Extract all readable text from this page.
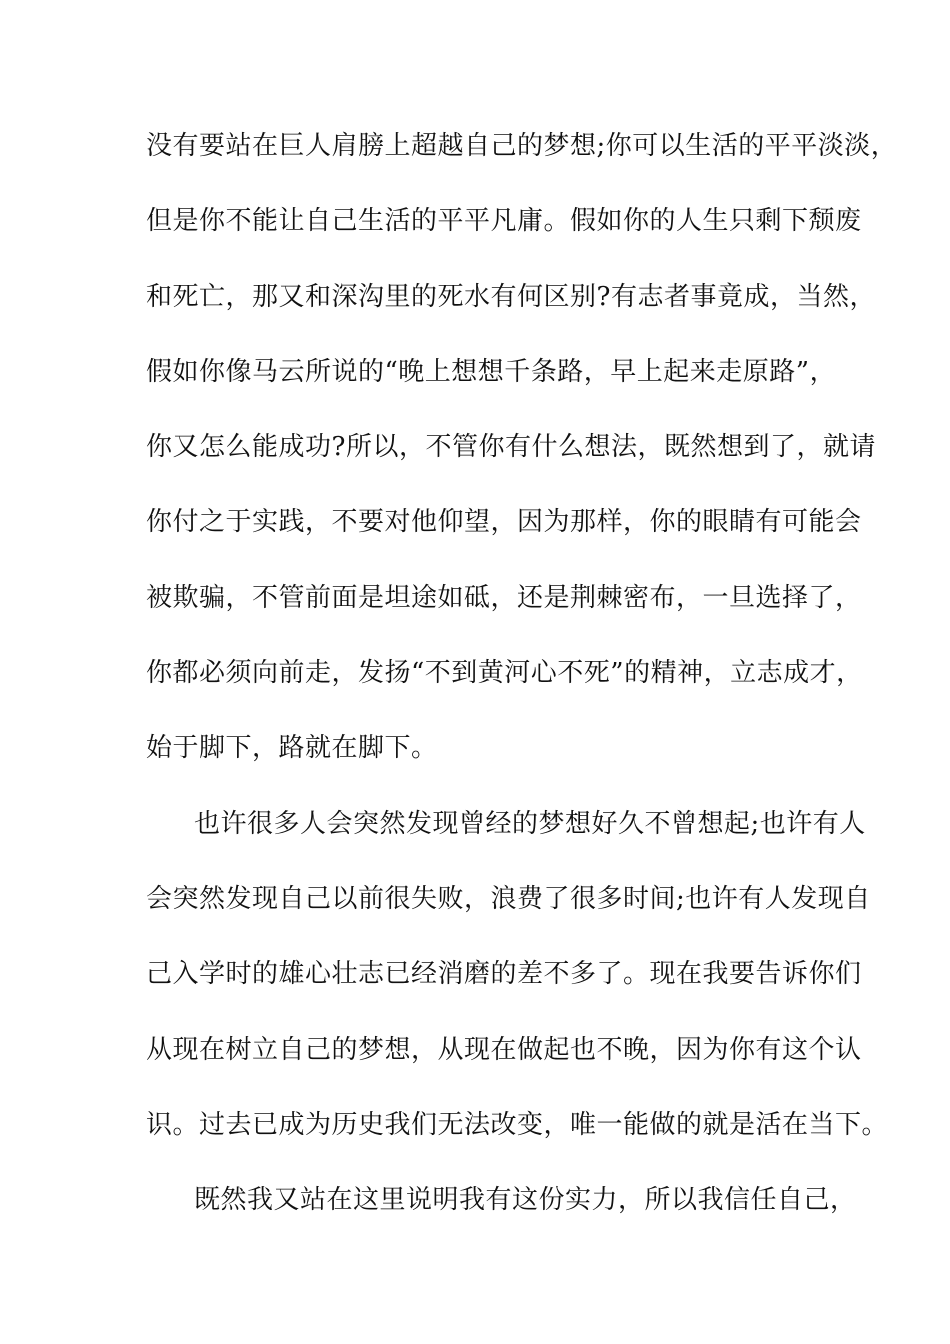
没有要站在巨人肩膀上超越自己的梦想;你可以生活的平平淡淡，
但是你不能让自己生活的平平凡庸。假如你的人生只剩下颓废
和死亡，那又和深沟里的死水有何区别?有志者事竟成，当然，
假如你像马云所说的“晚上想想千条路，早上起来走原路”，
你又怎么能成功?所以，不管你有什么想法，既然想到了，就请
你付之于实践，不要对他仰望，因为那样，你的眼睛有可能会
被欺骗，不管前面是坦途如砥，还是荆棘密布，一旦选择了，
你都必须向前走，发扬“不到黄河心不死”的精神，立志成才，
始于脚下，路就在脚下。
也许很多人会突然发现曾经的梦想好久不曾想起;也许有人
会突然发现自己以前很失败，浪费了很多时间;也许有人发现自
己入学时的雄心壮志已经消磨的差不多了。现在我要告诉你们
从现在树立自己的梦想，从现在做起也不晚，因为你有这个认
识。过去已成为历史我们无法改变，唯一能做的就是活在当下。
既然我又站在这里说明我有这份实力，所以我信任自己，
